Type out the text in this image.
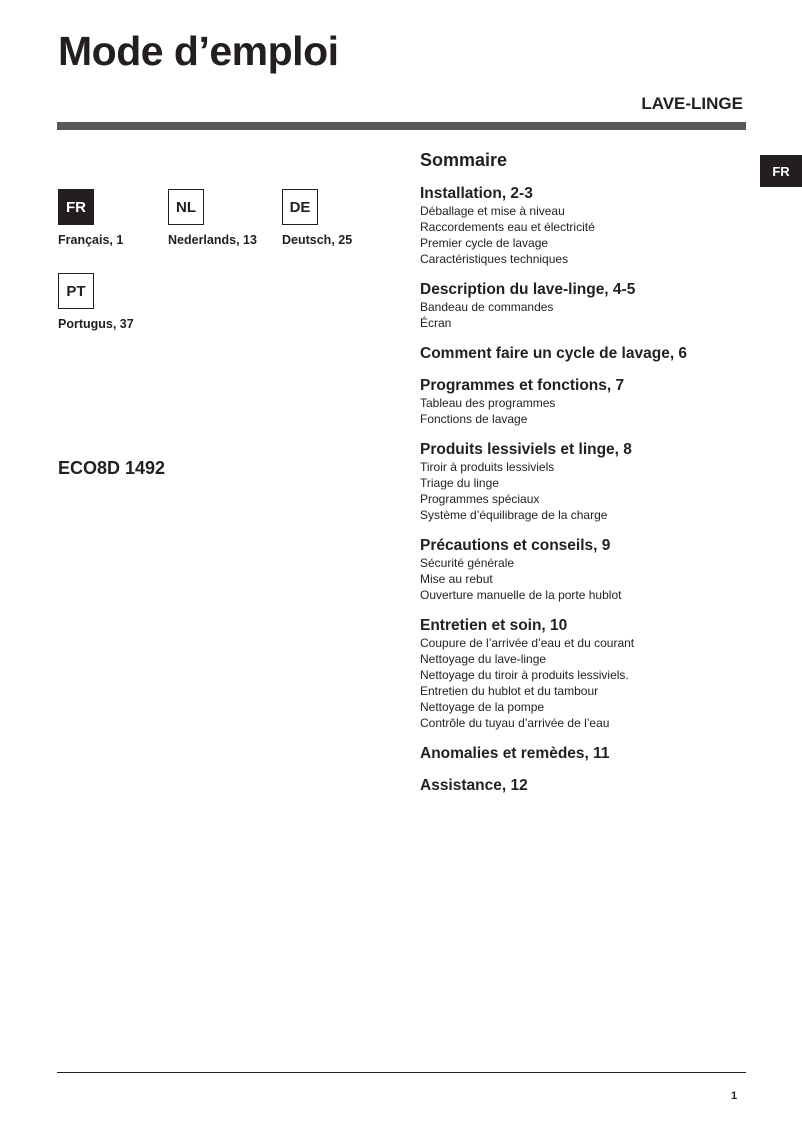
Mode d’emploi
LAVE-LINGE
FR
FR
Français, 1
NL
Nederlands, 13
DE
Deutsch, 25
PT
Portugus, 37
ECO8D 1492
Sommaire
Installation, 2-3
Déballage et mise à niveau
Raccordements eau et électricité
Premier cycle de lavage
Caractéristiques techniques
Description du lave-linge, 4-5
Bandeau de commandes
Écran
Comment faire un cycle de lavage, 6
Programmes et fonctions, 7
Tableau des programmes
Fonctions de lavage
Produits lessiviels et linge, 8
Tiroir à produits lessiviels
Triage du linge
Programmes spéciaux
Système d’équilibrage de la charge
Précautions et conseils, 9
Sécurité générale
Mise au rebut
Ouverture manuelle de la porte hublot
Entretien et soin, 10
Coupure de l’arrivée d’eau et du courant
Nettoyage du lave-linge
Nettoyage du tiroir à produits lessiviels.
Entretien du hublot et du tambour
Nettoyage de la pompe
Contrôle du tuyau d’arrivée de l’eau
Anomalies et remèdes, 11
Assistance, 12
1
